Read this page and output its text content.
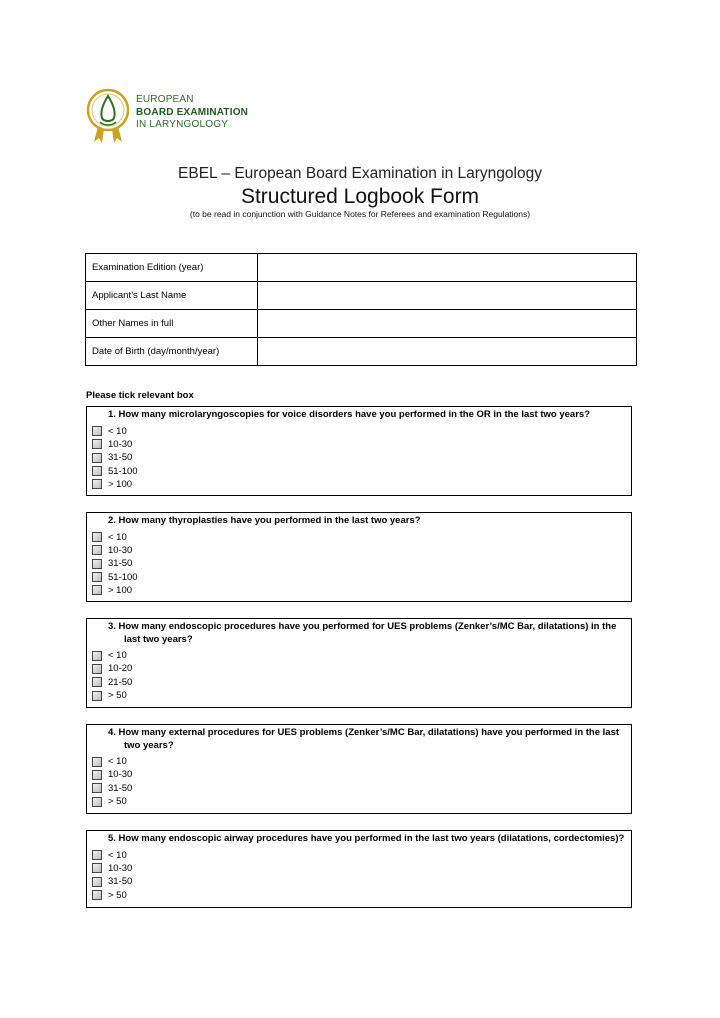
EUROPEAN
BOARD EXAMINATION
IN LARYNGOLOGY
EBEL – European Board Examination in Laryngology
Structured Logbook Form
(to be read in conjunction with Guidance Notes for Referees and examination Regulations)
Examination Edition (year)	
Applicant’s Last Name	
Other Names in full	
Date of Birth (day/month/year)	
Please tick relevant box
1. How many microlaryngoscopies for voice disorders have you performed in the OR in the last two years?
< 10
10-30
31-50
51-100
> 100
2. How many thyroplasties have you performed in the last two years?
< 10
10-30
31-50
51-100
> 100
3. How many endoscopic procedures have you performed for UES problems (Zenker’s/MC Bar, dilatations) in the last two years?
< 10
10-20
21-50
> 50
4. How many external procedures for UES problems (Zenker’s/MC Bar, dilatations) have you performed in the last two years?
< 10
10-30
31-50
> 50
5. How many endoscopic airway procedures have you performed in the last two years (dilatations, cordectomies)?
< 10
10-30
31-50
> 50
